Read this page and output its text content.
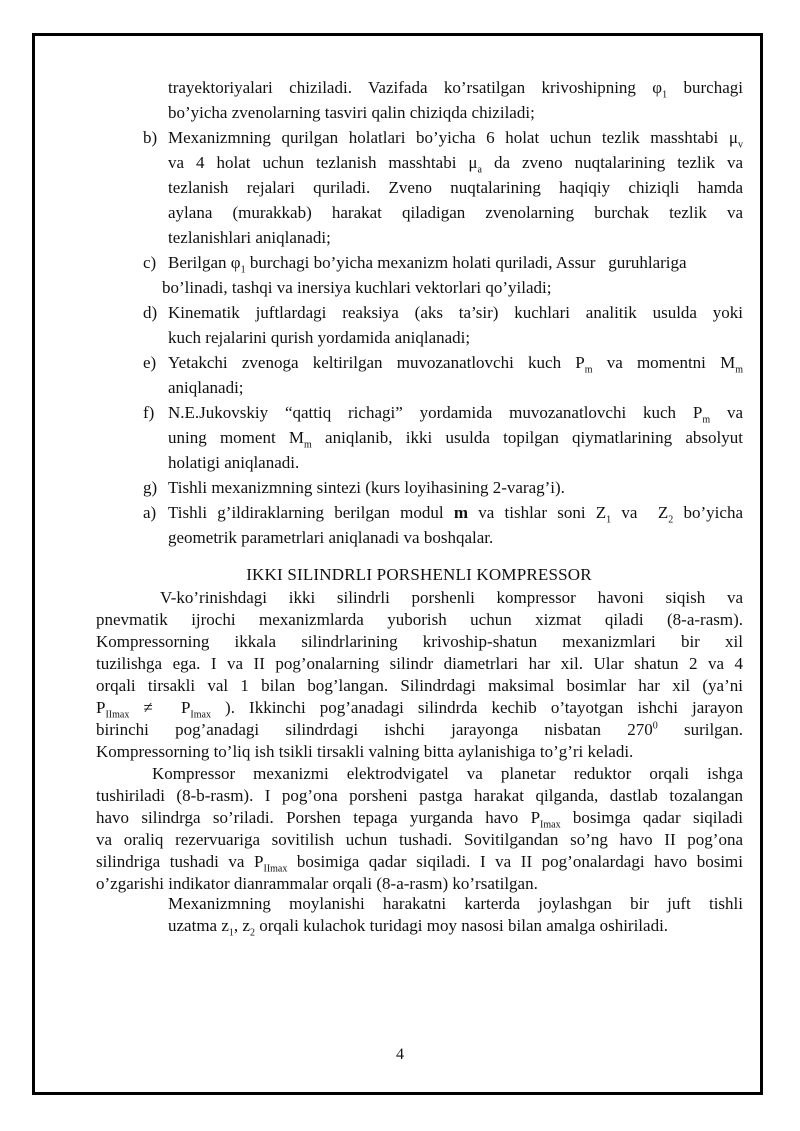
trayektoriyalari chiziladi. Vazifada ko’rsatilgan krivoshipning $\varphi_1$ burchagi
bo’yicha zvenolarning tasviri qalin chiziqda chiziladi;
b) Mexanizmning qurilgan holatlari bo’yicha 6 holat uchun tezlik masshtabi $\mu_v$
va 4 holat uchun tezlanish masshtabi $\mu_a$ da zveno nuqtalarining tezlik va
tezlanish rejalari quriladi. Zveno nuqtalarining haqiqiy chiziqli hamda
aylana (murakkab) harakat qiladigan zvenolarning burchak tezlik va
tezlanishlari aniqlanadi;
c) Berilgan $\varphi_1$ burchagi bo’yicha mexanizm holati quriladi, Assur   guruhlariga
bo’linadi, tashqi va inersiya kuchlari vektorlari qo’yiladi;
d) Kinematik juftlardagi reaksiya (aks ta’sir) kuchlari analitik usulda yoki
kuch rejalarini qurish yordamida aniqlanadi;
e) Yetakchi zvenoga keltirilgan muvozanatlovchi kuch $P_m$ va momentni $M_m$
aniqlanadi;
f) N.E.Jukovskiy “qattiq richagi” yordamida muvozanatlovchi kuch $P_m$ va
uning moment $M_m$ aniqlanib, ikki usulda topilgan qiymatlarining absolyut
holatigi aniqlanadi.
g) Tishli mexanizmning sintezi (kurs loyihasining 2-varag’i).
a) Tishli g’ildiraklarning berilgan modul m va tishlar soni $Z_1$ va  $Z_2$ bo’yicha
geometrik parametrlari aniqlanadi va boshqalar.
IKKI SILINDRLI PORSHENLI KOMPRESSOR
V-ko’rinishdagi ikki silindrli porshenli kompressor havoni siqish va
pnevmatik ijrochi mexanizmlarda yuborish uchun xizmat qiladi (8-a-rasm).
Kompressorning ikkala silindrlarining krivoship-shatun mexanizmlari bir xil
tuzilishga ega. I va II pog’onalarning silindr diametrlari har xil. Ular shatun 2 va 4
orqali tirsakli val 1 bilan bog’langan. Silindrdagi maksimal bosimlar har xil (ya’ni
$P_{IImax} \ne P_{Imax}$ ). Ikkinchi pog’anadagi silindrda kechib o’tayotgan ishchi jarayon
birinchi pog’anadagi silindrdagi ishchi jarayonga nisbatan $270^0$ surilgan.
Kompressorning to’liq ish tsikli tirsakli valning bitta aylanishiga to’g’ri keladi.
Kompressor mexanizmi elektrodvigatel va planetar reduktor orqali ishga
tushiriladi (8-b-rasm). I pog’ona porsheni pastga harakat qilganda, dastlab tozalangan
havo silindrga so’riladi. Porshen tepaga yurganda havo $P_{Imax}$ bosimga qadar siqiladi
va oraliq rezervuariga sovitilish uchun tushadi. Sovitilgandan so’ng havo II pog’ona
silindriga tushadi va $P_{IImax}$ bosimiga qadar siqiladi. I va II pog’onalardagi havo bosimi
o’zgarishi indikator dianrammalar orqali (8-a-rasm) ko’rsatilgan.
Mexanizmning moylanishi harakatni karterda joylashgan bir juft tishli
uzatma $z_1$, $z_2$ orqali kulachok turidagi moy nasosi bilan amalga oshiriladi.
4
